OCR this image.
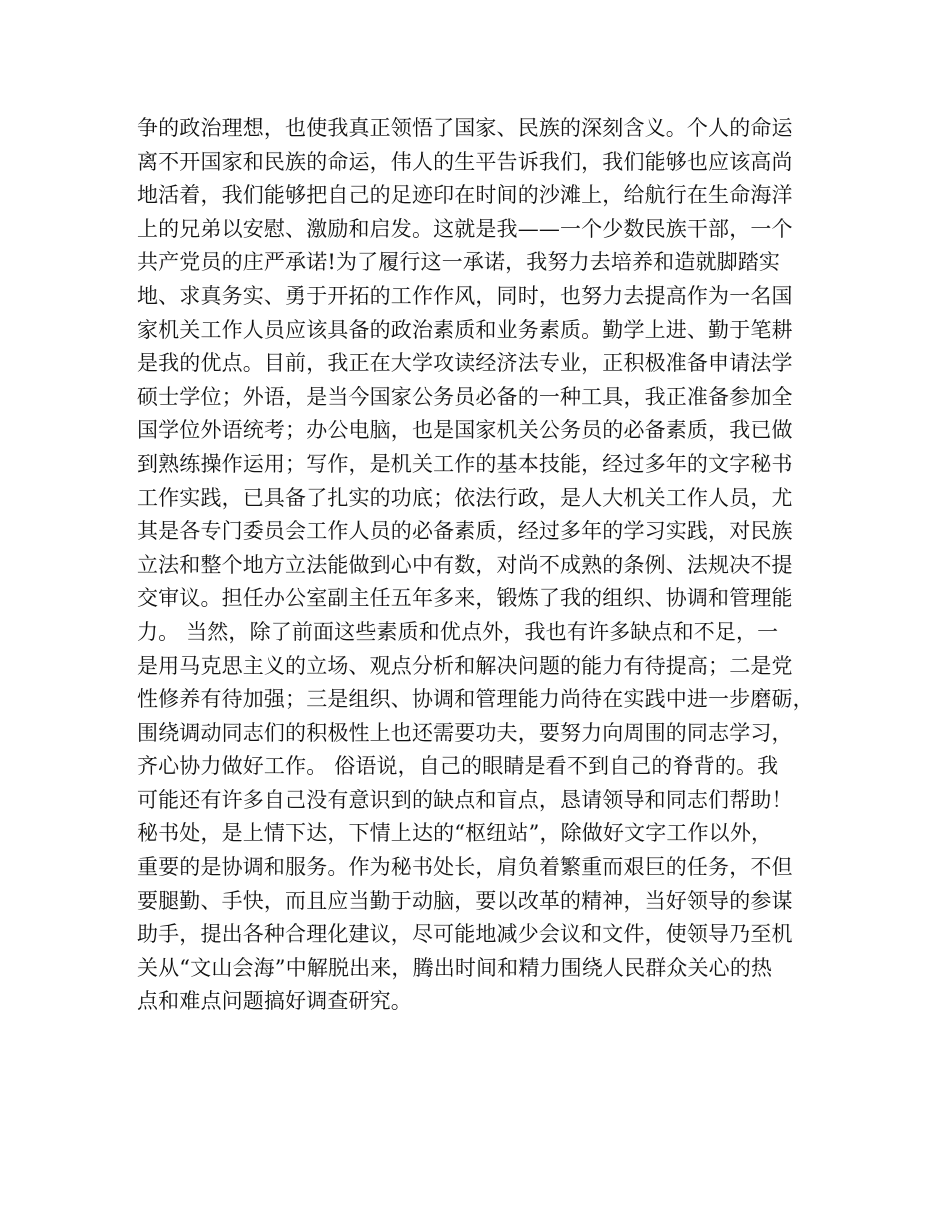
争的政治理想，也使我真正领悟了国家、民族的深刻含义。个人的命运
离不开国家和民族的命运，伟人的生平告诉我们，我们能够也应该高尚
地活着，我们能够把自己的足迹印在时间的沙滩上，给航行在生命海洋
上的兄弟以安慰、激励和启发。这就是我——一个少数民族干部，一个
共产党员的庄严承诺!为了履行这一承诺，我努力去培养和造就脚踏实
地、求真务实、勇于开拓的工作作风，同时，也努力去提高作为一名国
家机关工作人员应该具备的政治素质和业务素质。勤学上进、勤于笔耕
是我的优点。目前，我正在大学攻读经济法专业，正积极准备申请法学
硕士学位；外语，是当今国家公务员必备的一种工具，我正准备参加全
国学位外语统考；办公电脑，也是国家机关公务员的必备素质，我已做
到熟练操作运用；写作，是机关工作的基本技能，经过多年的文字秘书
工作实践，已具备了扎实的功底；依法行政，是人大机关工作人员，尤
其是各专门委员会工作人员的必备素质，经过多年的学习实践，对民族
立法和整个地方立法能做到心中有数，对尚不成熟的条例、法规决不提
交审议。担任办公室副主任五年多来，锻炼了我的组织、协调和管理能
力。 当然，除了前面这些素质和优点外，我也有许多缺点和不足，一
是用马克思主义的立场、观点分析和解决问题的能力有待提高；二是党
性修养有待加强；三是组织、协调和管理能力尚待在实践中进一步磨砺，
围绕调动同志们的积极性上也还需要功夫，要努力向周围的同志学习，
齐心协力做好工作。 俗语说，自己的眼睛是看不到自己的脊背的。我
可能还有许多自己没有意识到的缺点和盲点，恳请领导和同志们帮助！
秘书处，是上情下达，下情上达的“枢纽站”，除做好文字工作以外，
重要的是协调和服务。作为秘书处长，肩负着繁重而艰巨的任务，不但
要腿勤、手快，而且应当勤于动脑，要以改革的精神，当好领导的参谋
助手，提出各种合理化建议，尽可能地减少会议和文件，使领导乃至机
关从“文山会海”中解脱出来，腾出时间和精力围绕人民群众关心的热
点和难点问题搞好调查研究。
